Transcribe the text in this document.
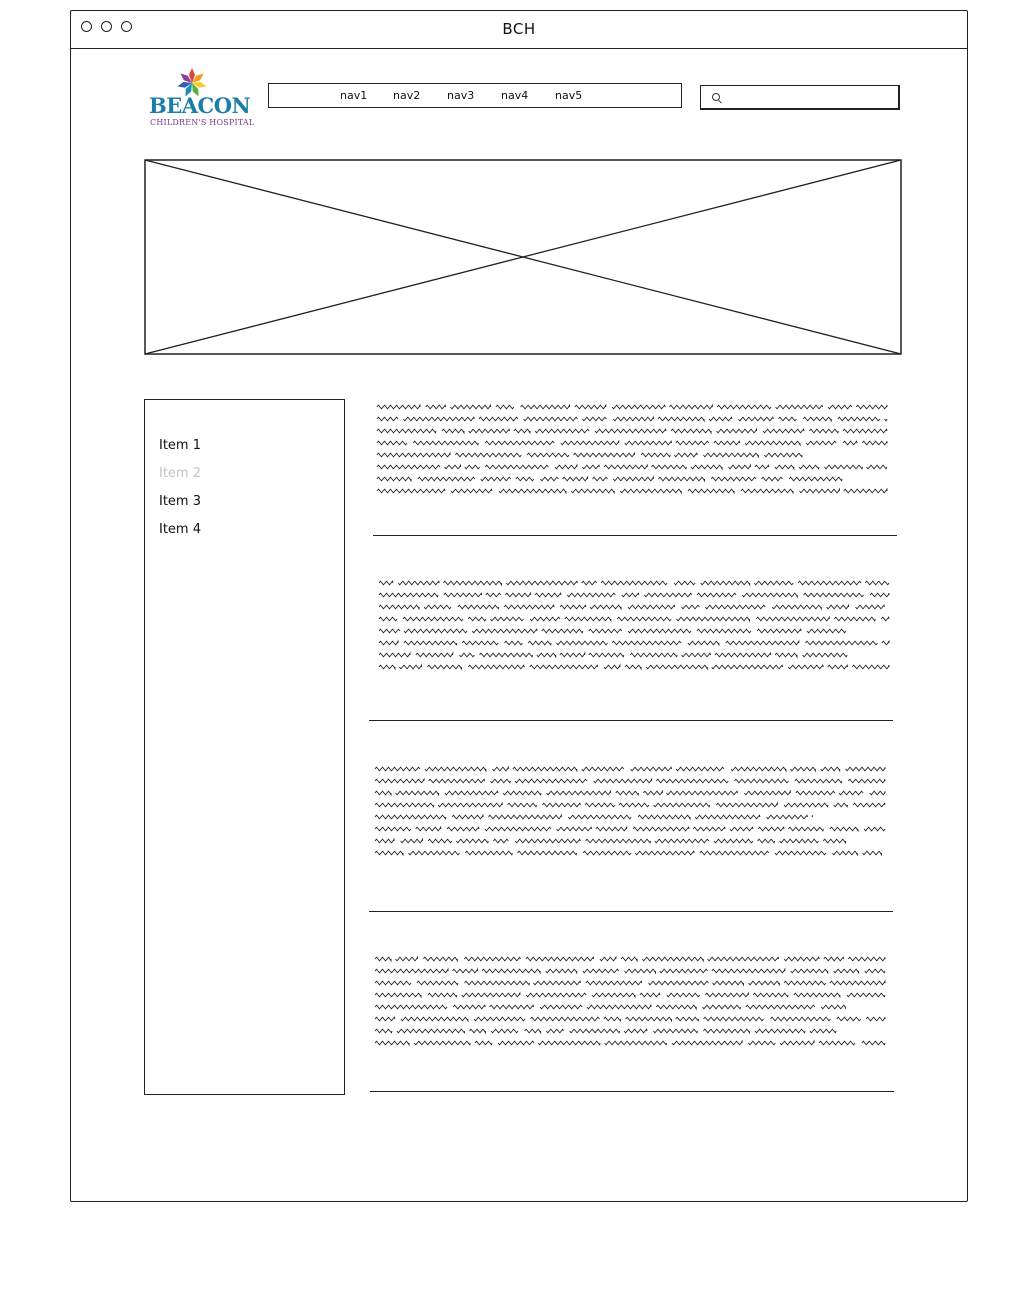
BCH
BEACON
CHILDREN'S HOSPITAL
nav1 nav2 nav3 nav4 nav5
Item 1
Item 2
Item 3
Item 4
